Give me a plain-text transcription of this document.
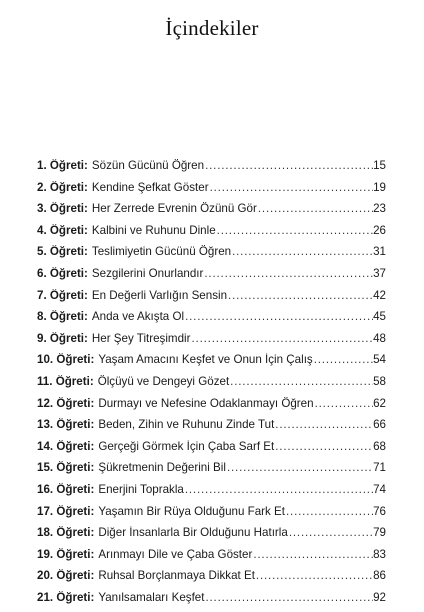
İçindekiler
1. Öğreti: Sözün Gücünü Öğren . . .	15
2. Öğreti: Kendine Şefkat Göster . . .	19
3. Öğreti: Her Zerrede Evrenin Özünü Gör . . .	23
4. Öğreti: Kalbini ve Ruhunu Dinle . . .	26
5. Öğreti: Teslimiyetin Gücünü Öğren . . .	31
6. Öğreti: Sezgilerini Onurlandır . . .	37
7. Öğreti: En Değerli Varlığın Sensin . . .	42
8. Öğreti: Anda ve Akışta Ol . . .	45
9. Öğreti: Her Şey Titreşimdir . . .	48
10. Öğreti: Yaşam Amacını Keşfet ve Onun İçin Çalış . . .	54
11. Öğreti: Ölçüyü ve Dengeyi Gözet . . .	58
12. Öğreti: Durmayı ve Nefesine Odaklanmayı Öğren . . .	62
13. Öğreti: Beden, Zihin ve Ruhunu Zinde Tut . . .	66
14. Öğreti: Gerçeği Görmek İçin Çaba Sarf Et . . .	68
15. Öğreti: Şükretmenin Değerini Bil . . .	71
16. Öğreti: Enerjini Toprakla . . .	74
17. Öğreti: Yaşamın Bir Rüya Olduğunu Fark Et . . .	76
18. Öğreti: Diğer İnsanlarla Bir Olduğunu Hatırla . . .	79
19. Öğreti: Arınmayı Dile ve Çaba Göster . . .	83
20. Öğreti: Ruhsal Borçlanmaya Dikkat Et . . .	86
21. Öğreti: Yanılsamaları Keşfet . . .	92
